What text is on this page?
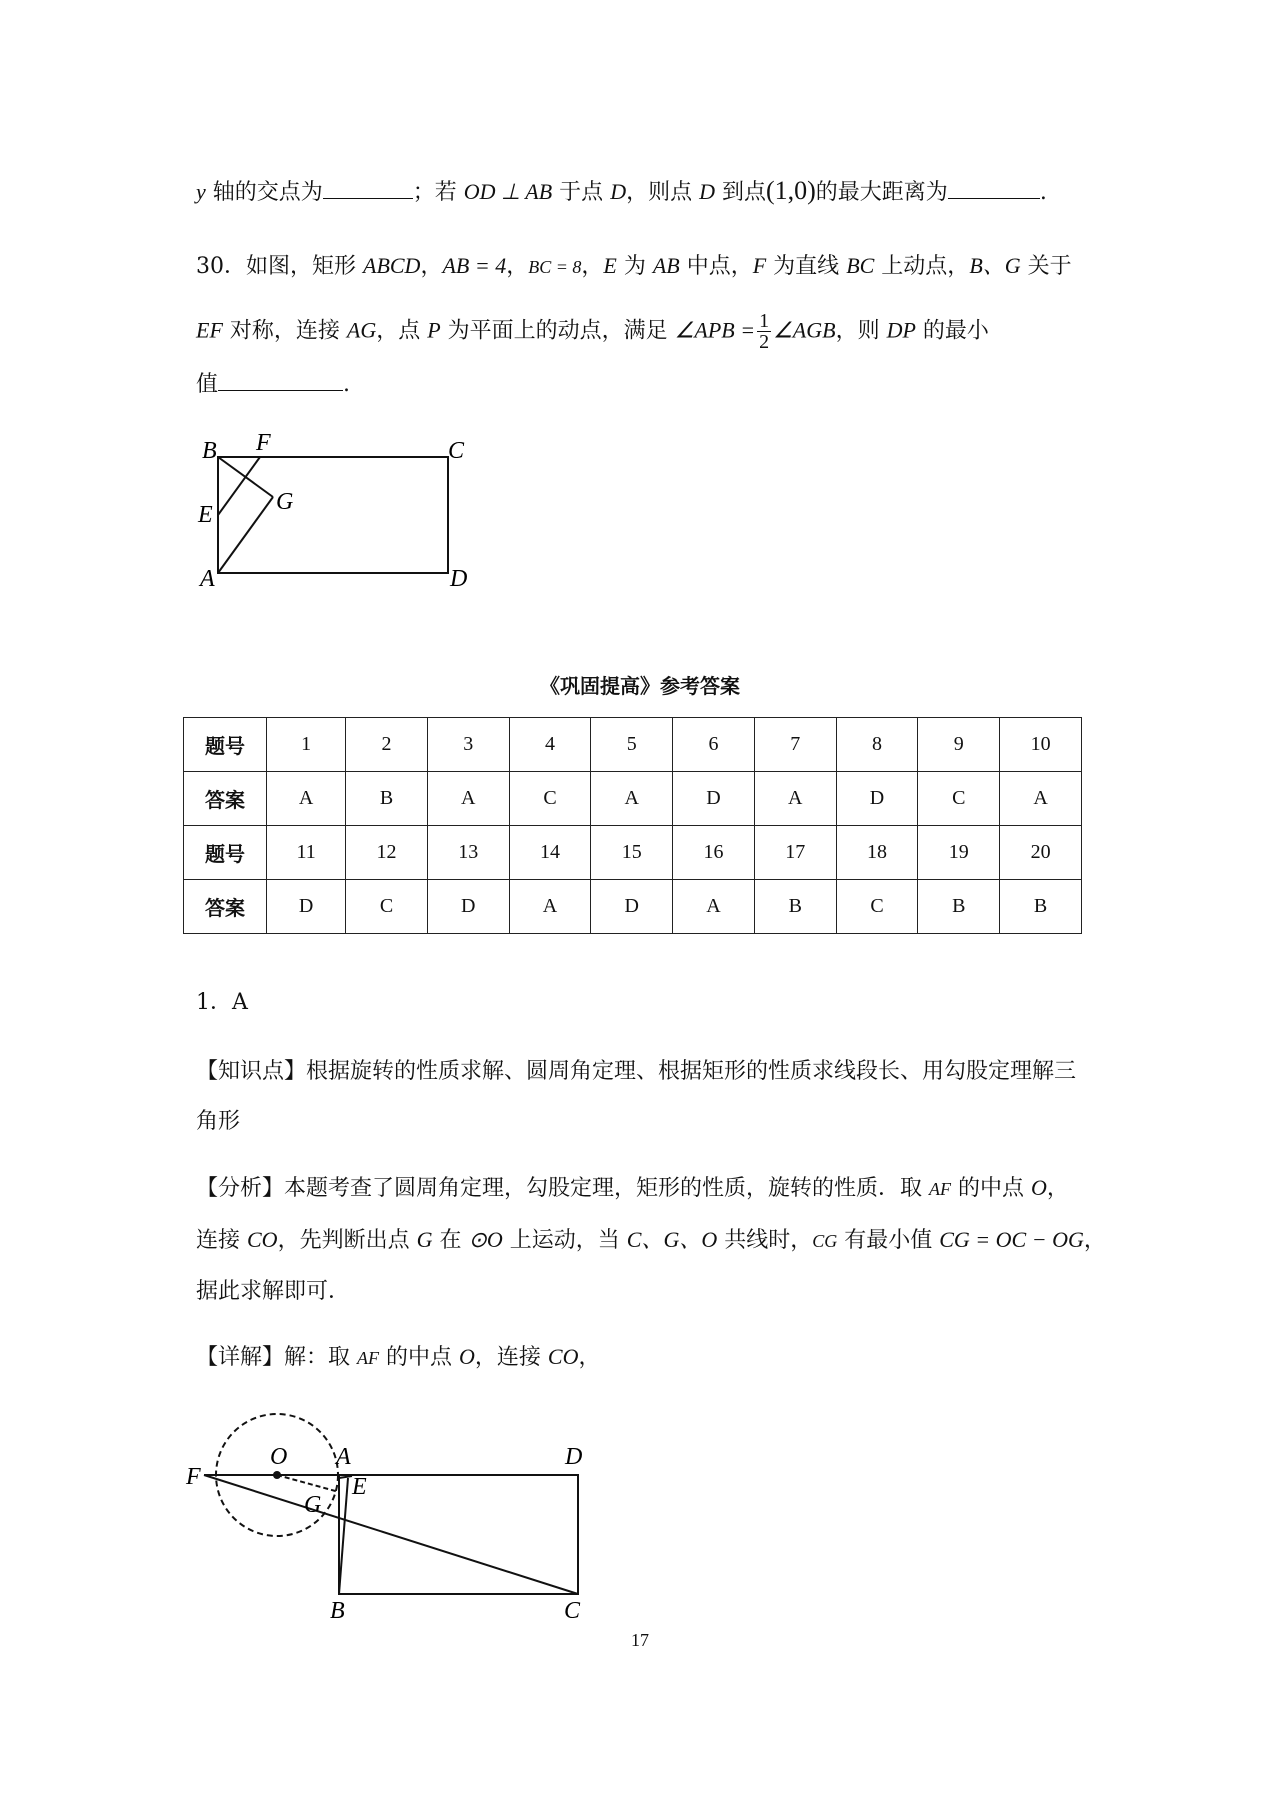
y 轴的交点为	；若 OD ⊥ AB 于点 D，则点 D 到点(1,0)的最大距离为	.
30．如图，矩形 ABCD，AB = 4，BC = 8，E 为 AB 中点，F 为直线 BC 上动点，B、G 关于
EF 对称，连接 AG，点 P 为平面上的动点，满足 ∠APB = $\frac{1}{2}$ ∠AGB，则 DP 的最小
值	.
B F	C
E	G
A	D
《巩固提高》参考答案
题号	1	2	3	4	5	6	7	8	9	10
答案	A	B	A	C	A	D	A	D	C	A
题号	11	12	13	14	15	16	17	18	19	20
答案	D	C	D	A	D	A	B	C	B	B
1．A
【知识点】根据旋转的性质求解、圆周角定理、根据矩形的性质求线段长、用勾股定理解三
角形
【分析】本题考查了圆周角定理，勾股定理，矩形的性质，旋转的性质．取 AF 的中点 O，
连接 CO，先判断出点 G 在 ⊙O 上运动，当 C、G、O 共线时，CG 有最小值 CG = OC − OG，
据此求解即可．
【详解】解：取 AF 的中点 O，连接 CO，
F
O A	D
E
G
B	C
17
